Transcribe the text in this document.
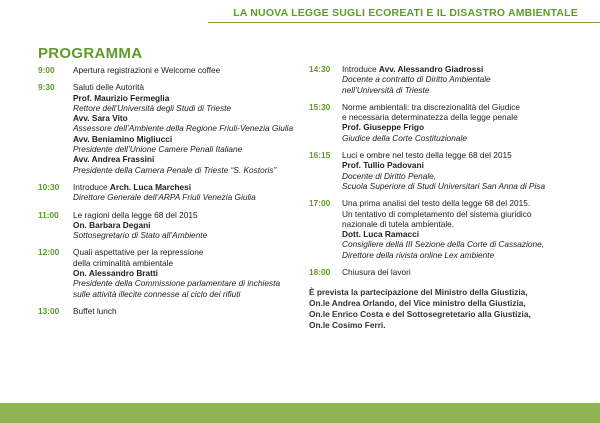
LA NUOVA LEGGE SUGLI ECOREATI E IL DISASTRO AMBIENTALE
PROGRAMMA
9:00	Apertura registrazioni e Welcome coffee
9:30	Saluti delle Autorità
Prof. Maurizio Fermeglia
Rettore dell’Università degli Studi di Trieste
Avv. Sara Vito
Assessore dell’Ambiente della Regione Friuli-Venezia Giulia
Avv. Beniamino Migliucci
Presidente dell’Unione Camere Penali Italiane
Avv. Andrea Frassini
Presidente della Camera Penale di Trieste “S. Kostoris”
10:30	Introduce Arch. Luca Marchesi
Direttore Generale dell’ARPA Friuli Venezia Giulia
11:00	Le ragioni della legge 68 del 2015
On. Barbara Degani
Sottosegretario di Stato all’Ambiente
12:00	Quali aspettative per la repressione
della criminalità ambientale
On. Alessandro Bratti
Presidente della Commissione parlamentare di inchiesta
sulle attività illecite connesse al ciclo dei rifiuti
13:00	Buffet lunch
14:30	Introduce Avv. Alessandro Giadrossi
Docente a contratto di Diritto Ambientale
nell’Università di Trieste
15:30	Norme ambientali: tra discrezionalità del Giudice
e necessaria determinatezza della legge penale
Prof. Giuseppe Frigo
Giudice della Corte Costituzionale
16:15	Luci e ombre nel testo della legge 68 del 2015
Prof. Tullio Padovani
Docente di Diritto Penale,
Scuola Superiore di Studi Universitari San Anna di Pisa
17:00	Una prima analisi del testo della legge 68 del 2015.
Un tentativo di completamento del sistema giuridico
nazionale di tutela ambientale.
Dott. Luca Ramacci
Consigliere della III Sezione della Corte di Cassazione,
Direttore della rivista online Lex ambiente
18:00	Chiusura dei lavori
È prevista la partecipazione del Ministro della Giustizia,
On.le Andrea Orlando, del Vice ministro della Giustizia,
On.le Enrico Costa e del Sottosegretetario alla Giustizia,
On.le Cosimo Ferri.
